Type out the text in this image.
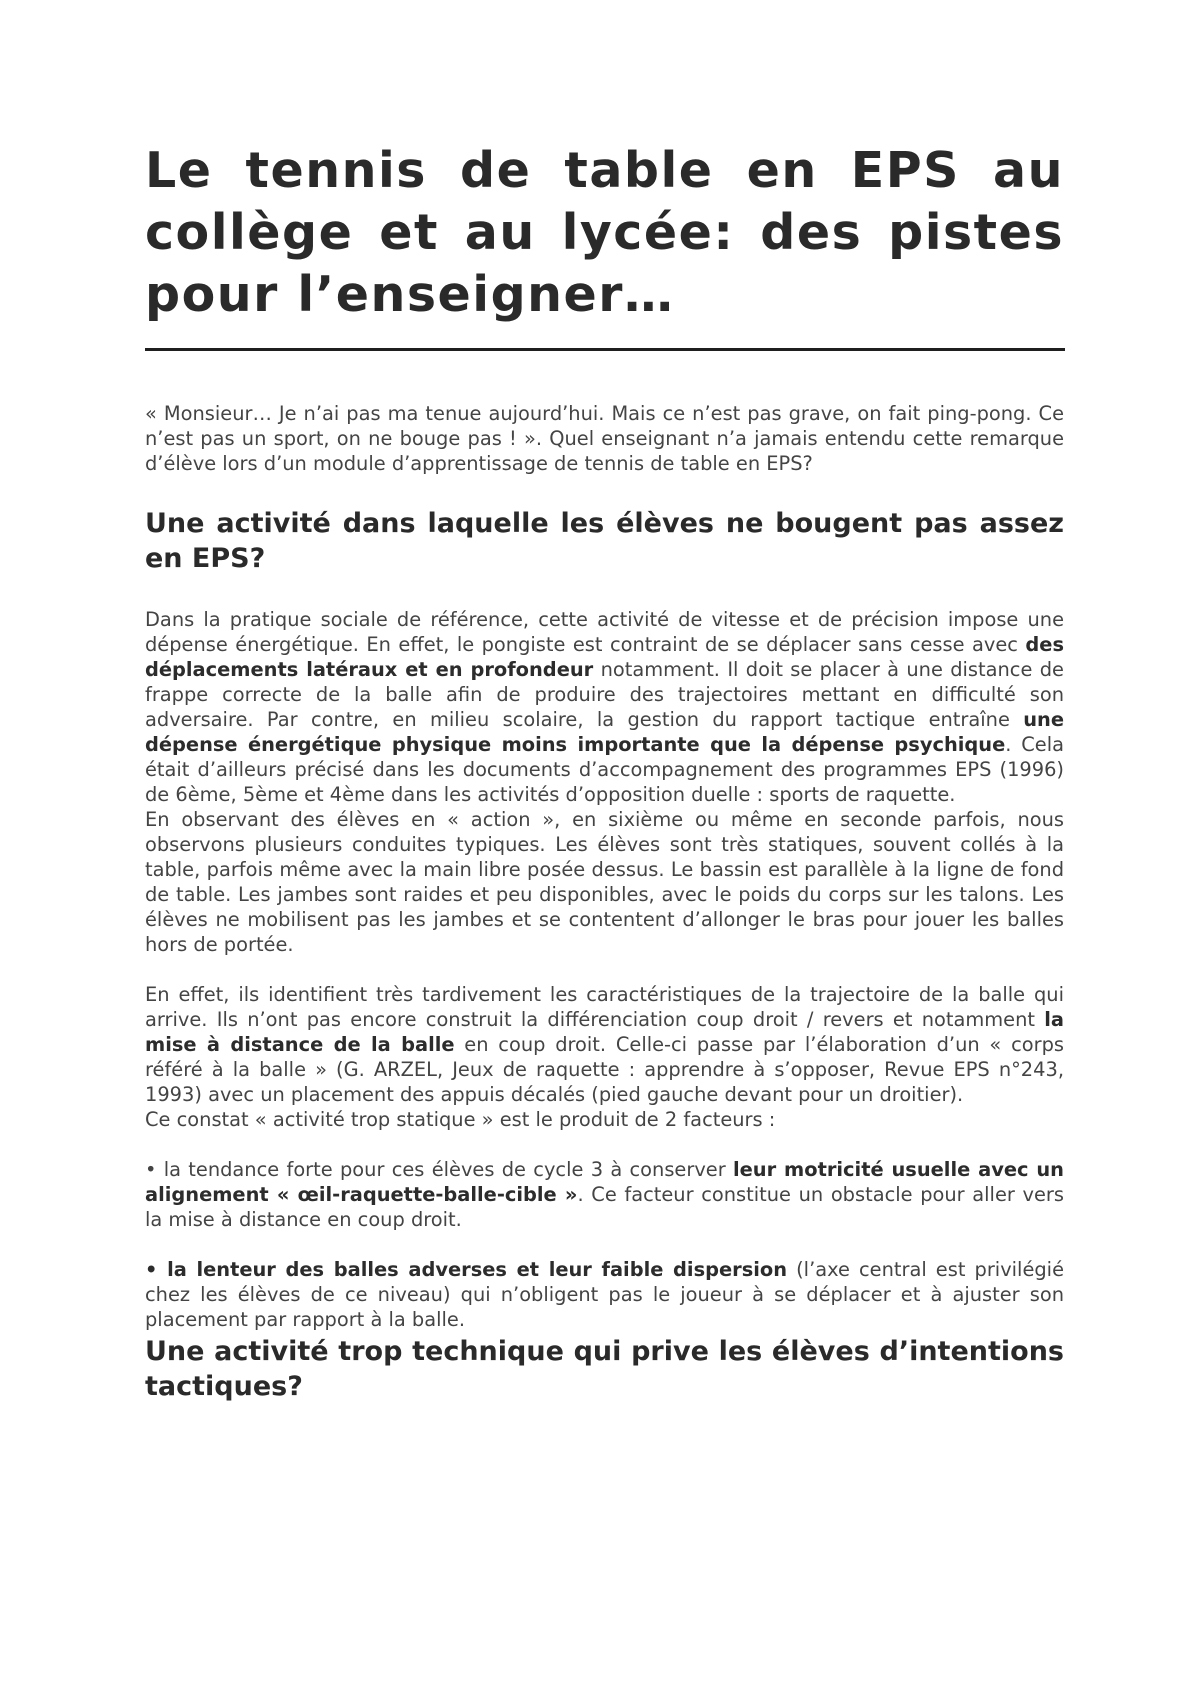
Le tennis de table en EPS au collège et au lycée: des pistes pour l’enseigner…

« Monsieur… Je n’ai pas ma tenue aujourd’hui. Mais ce n’est pas grave, on fait ping-pong. Ce n’est pas un sport, on ne bouge pas ! ». Quel enseignant n’a jamais entendu cette remarque d’élève lors d’un module d’apprentissage de tennis de table en EPS?

Une activité dans laquelle les élèves ne bougent pas assez en EPS?

Dans la pratique sociale de référence, cette activité de vitesse et de précision impose une dépense énergétique. En effet, le pongiste est contraint de se déplacer sans cesse avec des déplacements latéraux et en profondeur notamment. Il doit se placer à une distance de frappe correcte de la balle afin de produire des trajectoires mettant en difficulté son adversaire. Par contre, en milieu scolaire, la gestion du rapport tactique entraîne une dépense énergétique physique moins importante que la dépense psychique. Cela était d’ailleurs précisé dans les documents d’accompagnement des programmes EPS (1996) de 6ème, 5ème et 4ème dans les activités d’opposition duelle : sports de raquette.

En observant des élèves en « action », en sixième ou même en seconde parfois, nous observons plusieurs conduites typiques. Les élèves sont très statiques, souvent collés à la table, parfois même avec la main libre posée dessus. Le bassin est parallèle à la ligne de fond de table. Les jambes sont raides et peu disponibles, avec le poids du corps sur les talons. Les élèves ne mobilisent pas les jambes et se contentent d’allonger le bras pour jouer les balles hors de portée.

En effet, ils identifient très tardivement les caractéristiques de la trajectoire de la balle qui arrive. Ils n’ont pas encore construit la différenciation coup droit / revers et notamment la mise à distance de la balle en coup droit. Celle-ci passe par l’élaboration d’un « corps référé à la balle » (G. ARZEL, Jeux de raquette : apprendre à s’opposer, Revue EPS n°243, 1993) avec un placement des appuis décalés (pied gauche devant pour un droitier).

Ce constat « activité trop statique » est le produit de 2 facteurs :

• la tendance forte pour ces élèves de cycle 3 à conserver leur motricité usuelle avec un alignement « œil-raquette-balle-cible ». Ce facteur constitue un obstacle pour aller vers la mise à distance en coup droit.

• la lenteur des balles adverses et leur faible dispersion (l’axe central est privilégié chez les élèves de ce niveau) qui n’obligent pas le joueur à se déplacer et à ajuster son placement par rapport à la balle.

Une activité trop technique qui prive les élèves d’intentions tactiques?
